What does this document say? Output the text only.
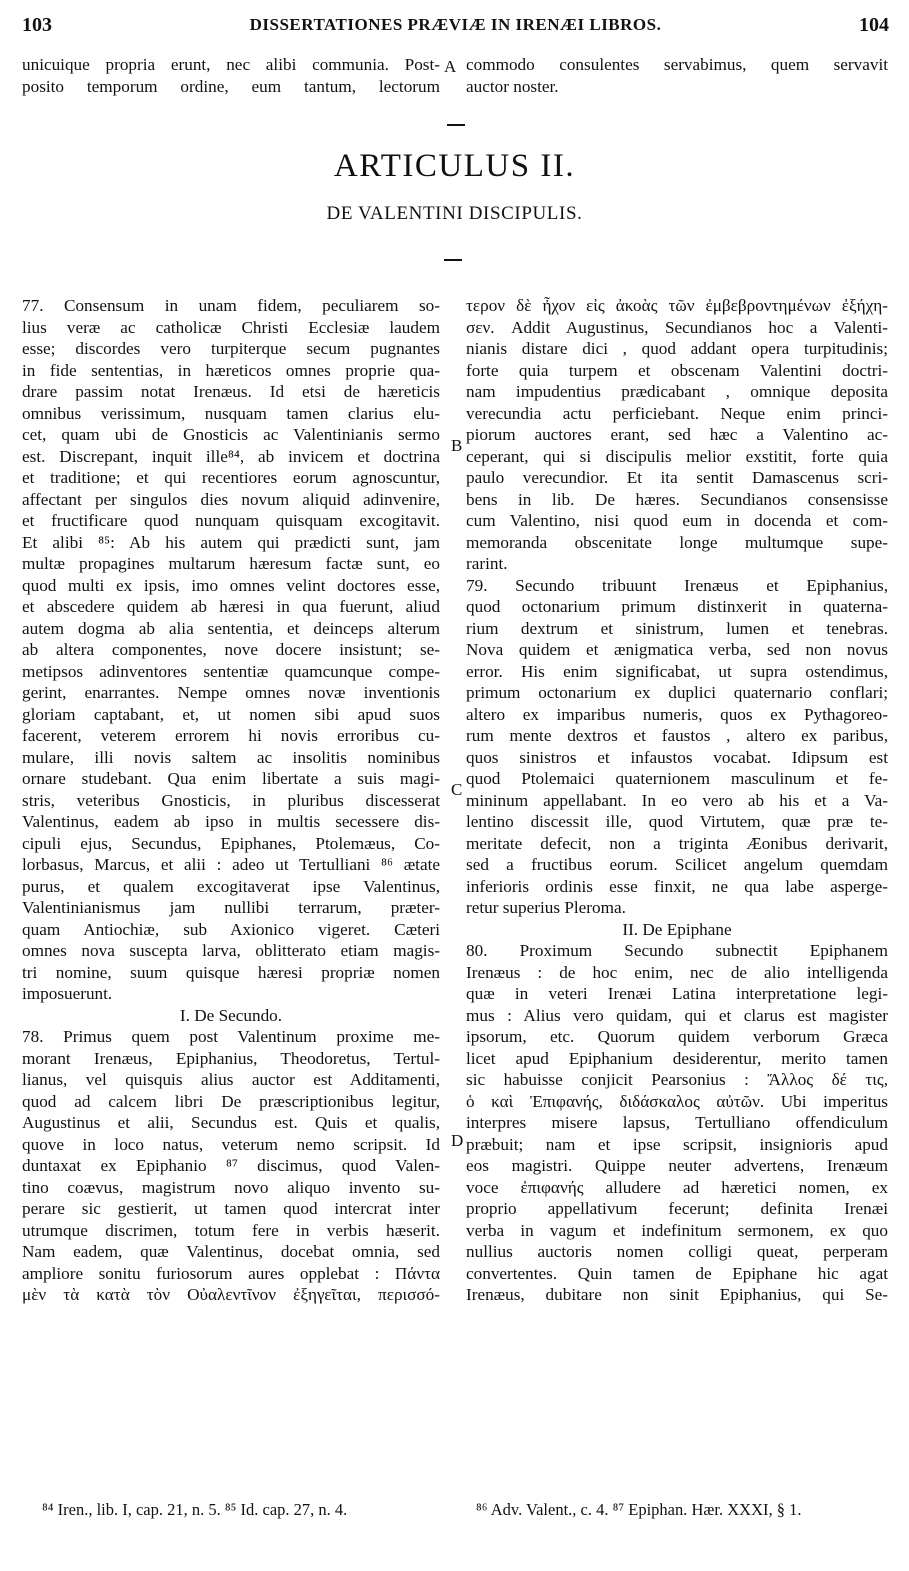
103	DISSERTATIONES PRÆVIÆ IN IRENÆI LIBROS.	104
unicuique propria erunt, nec alibi communia. Post-
posito temporum ordine, eum tantum, lectorum
commodo consulentes servabimus, quem servavit
auctor noster.
A
B
C
D
ARTICULUS II.
DE VALENTINI DISCIPULIS.
77. Consensum in unam fidem, peculiarem so-
lius veræ ac catholicæ Christi Ecclesiæ laudem
esse; discordes vero turpiterque secum pugnantes
in fide sententias, in hæreticos omnes proprie qua-
drare passim notat Irenæus. Id etsi de hæreticis
omnibus verissimum, nusquam tamen clarius elu-
cet, quam ubi de Gnosticis ac Valentinianis sermo
est. Discrepant, inquit ille⁸⁴, ab invicem et doctrina
et traditione; et qui recentiores eorum agnoscuntur,
affectant per singulos dies novum aliquid adinvenire,
et fructificare quod nunquam quisquam excogitavit.
Et alibi ⁸⁵: Ab his autem qui prædicti sunt, jam
multæ propagines multarum hæresum factæ sunt, eo
quod multi ex ipsis, imo omnes velint doctores esse,
et abscedere quidem ab hæresi in qua fuerunt, aliud
autem dogma ab alia sententia, et deinceps alterum
ab altera componentes, nove docere insistunt; se-
metipsos adinventores sententiæ quamcunque compe-
gerint, enarrantes. Nempe omnes novæ inventionis
gloriam captabant, et, ut nomen sibi apud suos
facerent, veterem errorem hi novis erroribus cu-
mulare, illi novis saltem ac insolitis nominibus
ornare studebant. Qua enim libertate a suis magi-
stris, veteribus Gnosticis, in pluribus discesserat
Valentinus, eadem ab ipso in multis secessere dis-
cipuli ejus, Secundus, Epiphanes, Ptolemæus, Co-
lorbasus, Marcus, et alii : adeo ut Tertulliani ⁸⁶ ætate
purus, et qualem excogitaverat ipse Valentinus,
Valentinianismus jam nullibi terrarum, præter-
quam Antiochiæ, sub Axionico vigeret. Cæteri
omnes nova suscepta larva, oblitterato etiam magis-
tri nomine, suum quisque hæresi propriæ nomen
imposuerunt.
I. De Secundo.
78. Primus quem post Valentinum proxime me-
morant Irenæus, Epiphanius, Theodoretus, Tertul-
lianus, vel quisquis alius auctor est Additamenti,
quod ad calcem libri De præscriptionibus legitur,
Augustinus et alii, Secundus est. Quis et qualis,
quove in loco natus, veterum nemo scripsit. Id
duntaxat ex Epiphanio ⁸⁷ discimus, quod Valen-
tino coævus, magistrum novo aliquo invento su-
perare sic gestierit, ut tamen quod intercrat inter
utrumque discrimen, totum fere in verbis hæserit.
Nam eadem, quæ Valentinus, docebat omnia, sed
ampliore sonitu furiosorum aures opplebat : Πάντα
μὲν τὰ κατὰ τὸν Οὐαλεντῖνον ἐξηγεῖται, περισσό-
τερον δὲ ἦχον εἰς ἀκοὰς τῶν ἐμβεβροντημένων ἐξήχη-
σεν. Addit Augustinus, Secundianos hoc a Valenti-
nianis distare dici , quod addant opera turpitudinis;
forte quia turpem et obscenam Valentini doctri-
nam impudentius prædicabant , omnique deposita
verecundia actu perficiebant. Neque enim princi-
piorum auctores erant, sed hæc a Valentino ac-
ceperant, qui si discipulis melior exstitit, forte quia
paulo verecundior. Et ita sentit Damascenus scri-
bens in lib. De hæres. Secundianos consensisse
cum Valentino, nisi quod eum in docenda et com-
memoranda obscenitate longe multumque supe-
rarint.
79. Secundo tribuunt Irenæus et Epiphanius,
quod octonarium primum distinxerit in quaterna-
rium dextrum et sinistrum, lumen et tenebras.
Nova quidem et ænigmatica verba, sed non novus
error. His enim significabat, ut supra ostendimus,
primum octonarium ex duplici quaternario conflari;
altero ex imparibus numeris, quos ex Pythagoreo-
rum mente dextros et faustos , altero ex paribus,
quos sinistros et infaustos vocabat. Idipsum est
quod Ptolemaici quaternionem masculinum et fe-
mininum appellabant. In eo vero ab his et a Va-
lentino discessit ille, quod Virtutem, quæ præ te-
meritate defecit, non a triginta Æonibus derivarit,
sed a fructibus eorum. Scilicet angelum quemdam
inferioris ordinis esse finxit, ne qua labe asperge-
retur superius Pleroma.
II. De Epiphane
80. Proximum Secundo subnectit Epiphanem
Irenæus : de hoc enim, nec de alio intelligenda
quæ in veteri Irenæi Latina interpretatione legi-
mus : Alius vero quidam, qui et clarus est magister
ipsorum, etc. Quorum quidem verborum Græca
licet apud Epiphanium desiderentur, merito tamen
sic habuisse conjicit Pearsonius : Ἄλλος δέ τις,
ὁ καὶ Ἐπιφανής, διδάσκαλος αὐτῶν. Ubi imperitus
interpres misere lapsus, Tertulliano offendiculum
præbuit; nam et ipse scripsit, insignioris apud
eos magistri. Quippe neuter advertens, Irenæum
voce ἐπιφανής alludere ad hæretici nomen, ex
proprio appellativum fecerunt; definita Irenæi
verba in vagum et indefinitum sermonem, ex quo
nullius auctoris nomen colligi queat, perperam
convertentes. Quin tamen de Epiphane hic agat
Irenæus, dubitare non sinit Epiphanius, qui Se-
⁸⁴ Iren., lib. I, cap. 21, n. 5. ⁸⁵ Id. cap. 27, n. 4.	⁸⁶ Adv. Valent., c. 4. ⁸⁷ Epiphan. Hær. XXXI, § 1.
